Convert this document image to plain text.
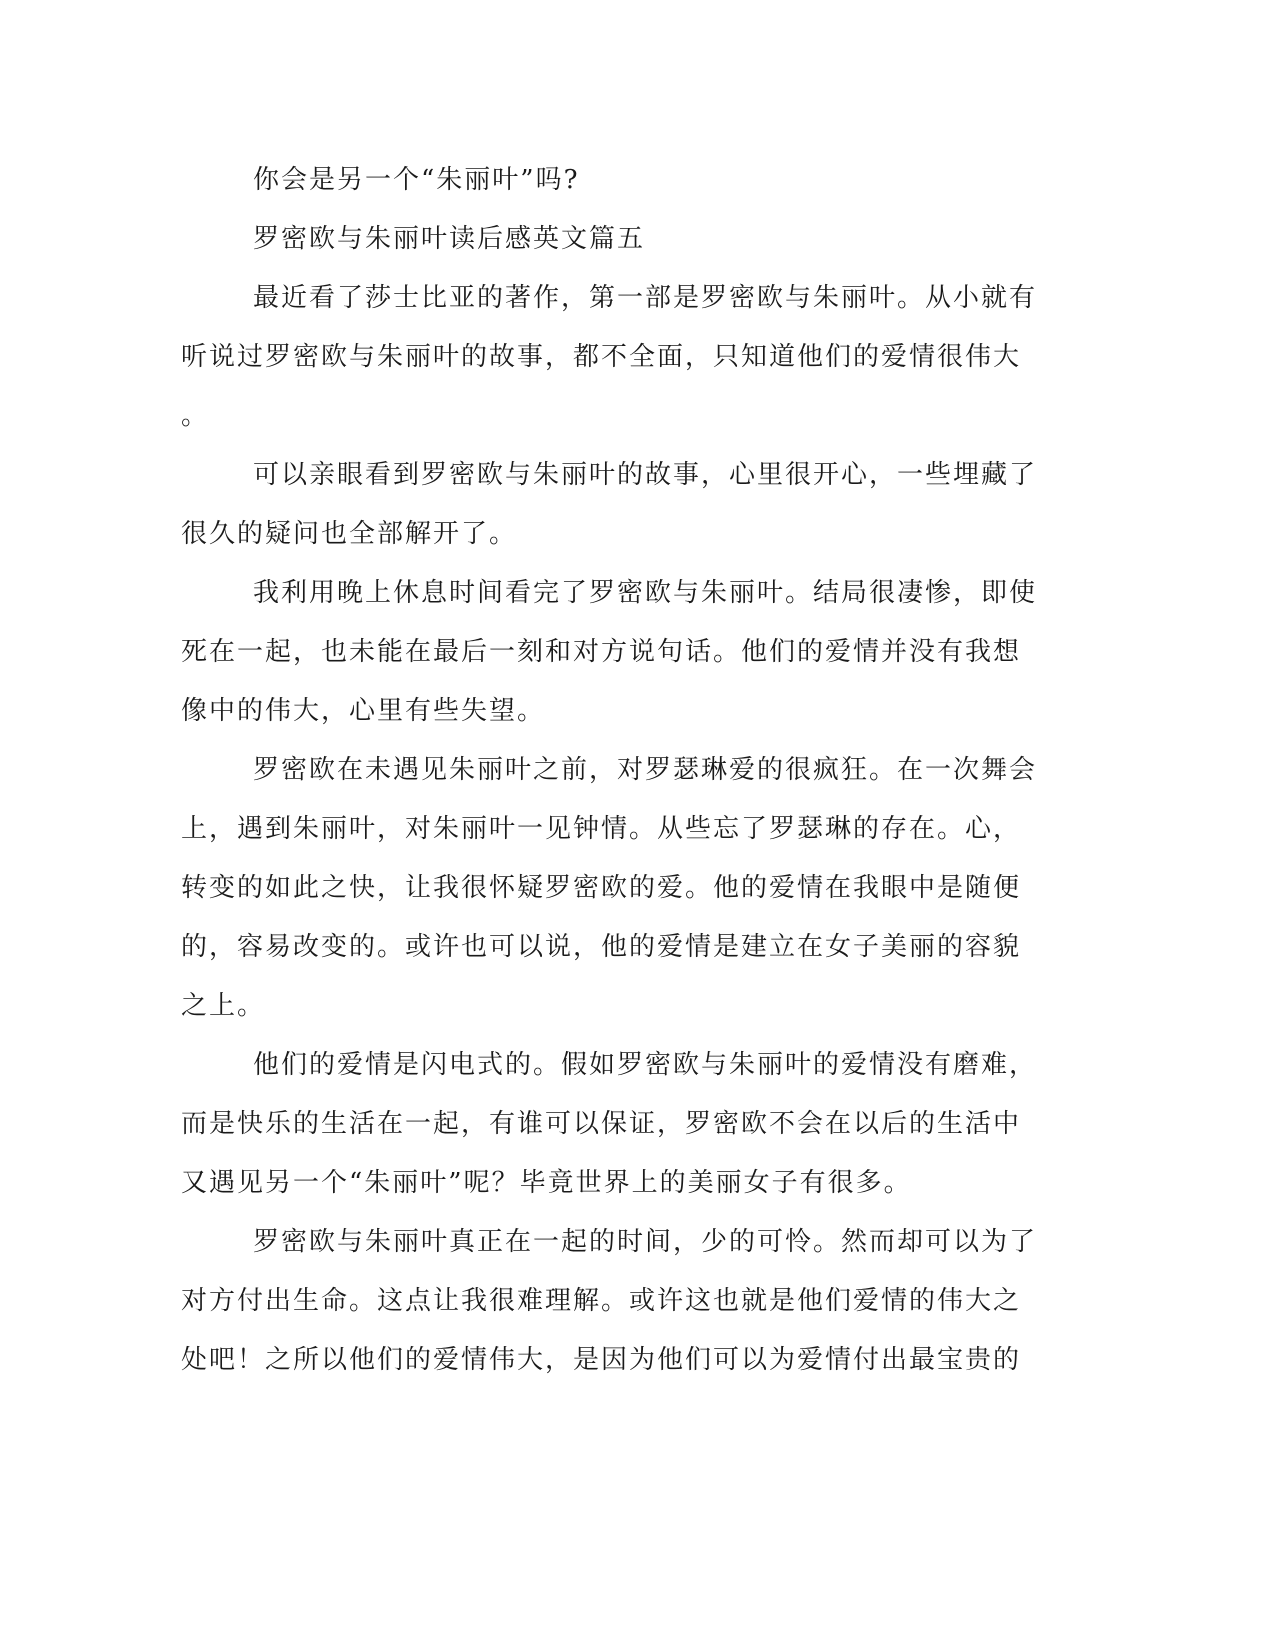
你会是另一个“朱丽叶”吗?
罗密欧与朱丽叶读后感英文篇五
最近看了莎士比亚的著作，第一部是罗密欧与朱丽叶。从小就有
听说过罗密欧与朱丽叶的故事，都不全面，只知道他们的爱情很伟大
。
可以亲眼看到罗密欧与朱丽叶的故事，心里很开心，一些埋藏了
很久的疑问也全部解开了。
我利用晚上休息时间看完了罗密欧与朱丽叶。结局很凄惨，即使
死在一起，也未能在最后一刻和对方说句话。他们的爱情并没有我想
像中的伟大，心里有些失望。
罗密欧在未遇见朱丽叶之前，对罗瑟琳爱的很疯狂。在一次舞会
上，遇到朱丽叶，对朱丽叶一见钟情。从些忘了罗瑟琳的存在。心，
转变的如此之快，让我很怀疑罗密欧的爱。他的爱情在我眼中是随便
的，容易改变的。或许也可以说，他的爱情是建立在女子美丽的容貌
之上。
他们的爱情是闪电式的。假如罗密欧与朱丽叶的爱情没有磨难，
而是快乐的生活在一起，有谁可以保证，罗密欧不会在以后的生活中
又遇见另一个“朱丽叶”呢？毕竟世界上的美丽女子有很多。
罗密欧与朱丽叶真正在一起的时间，少的可怜。然而却可以为了
对方付出生命。这点让我很难理解。或许这也就是他们爱情的伟大之
处吧！之所以他们的爱情伟大，是因为他们可以为爱情付出最宝贵的
